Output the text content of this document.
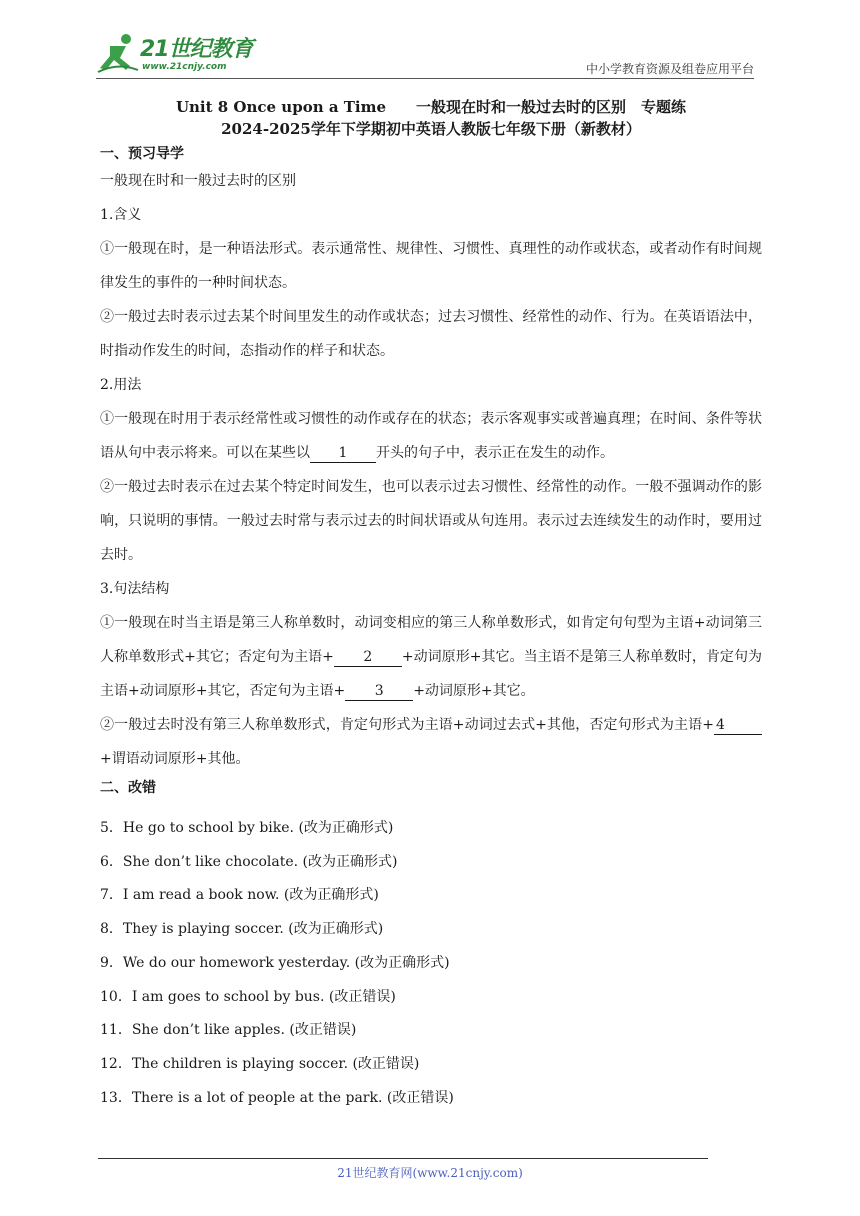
21世纪教育
www.21cnjy.com	中小学教育资源及组卷应用平台
Unit 8 Once upon a Time　　一般现在时和一般过去时的区别　专题练
2024-2025学年下学期初中英语人教版七年级下册（新教材）
一、预习导学

一般现在时和一般过去时的区别

1.含义

①一般现在时，是一种语法形式。表示通常性、规律性、习惯性、真理性的动作或状态，或者动作有时间规律发生的事件的一种时间状态。

②一般过去时表示过去某个时间里发生的动作或状态；过去习惯性、经常性的动作、行为。在英语语法中，时指动作发生的时间，态指动作的样子和状态。

2.用法

①一般现在时用于表示经常性或习惯性的动作或存在的状态；表示客观事实或普遍真理；在时间、条件等状语从句中表示将来。可以在某些以 1 开头的句子中，表示正在发生的动作。

②一般过去时表示在过去某个特定时间发生，也可以表示过去习惯性、经常性的动作。一般不强调动作的影响，只说明的事情。一般过去时常与表示过去的时间状语或从句连用。表示过去连续发生的动作时，要用过去时。

3.句法结构

①一般现在时当主语是第三人称单数时，动词变相应的第三人称单数形式，如肯定句句型为主语+动词第三人称单数形式+其它；否定句为主语+ 2 +动词原形+其它。当主语不是第三人称单数时，肯定句为主语+动词原形+其它，否定句为主语+ 3 +动词原形+其它。

②一般过去时没有第三人称单数形式，肯定句形式为主语+动词过去式+其他，否定句形式为主语+ 4+谓语动词原形+其他。

二、改错

5．He go to school by bike. (改为正确形式)

6．She don’t like chocolate. (改为正确形式)

7．I am read a book now. (改为正确形式)

8．They is playing soccer. (改为正确形式)

9．We do our homework yesterday. (改为正确形式)

10．I am goes to school by bus. (改正错误)

11．She don’t like apples. (改正错误)

12．The children is playing soccer. (改正错误)

13．There is a lot of people at the park. (改正错误)

21世纪教育网(www.21cnjy.com)
